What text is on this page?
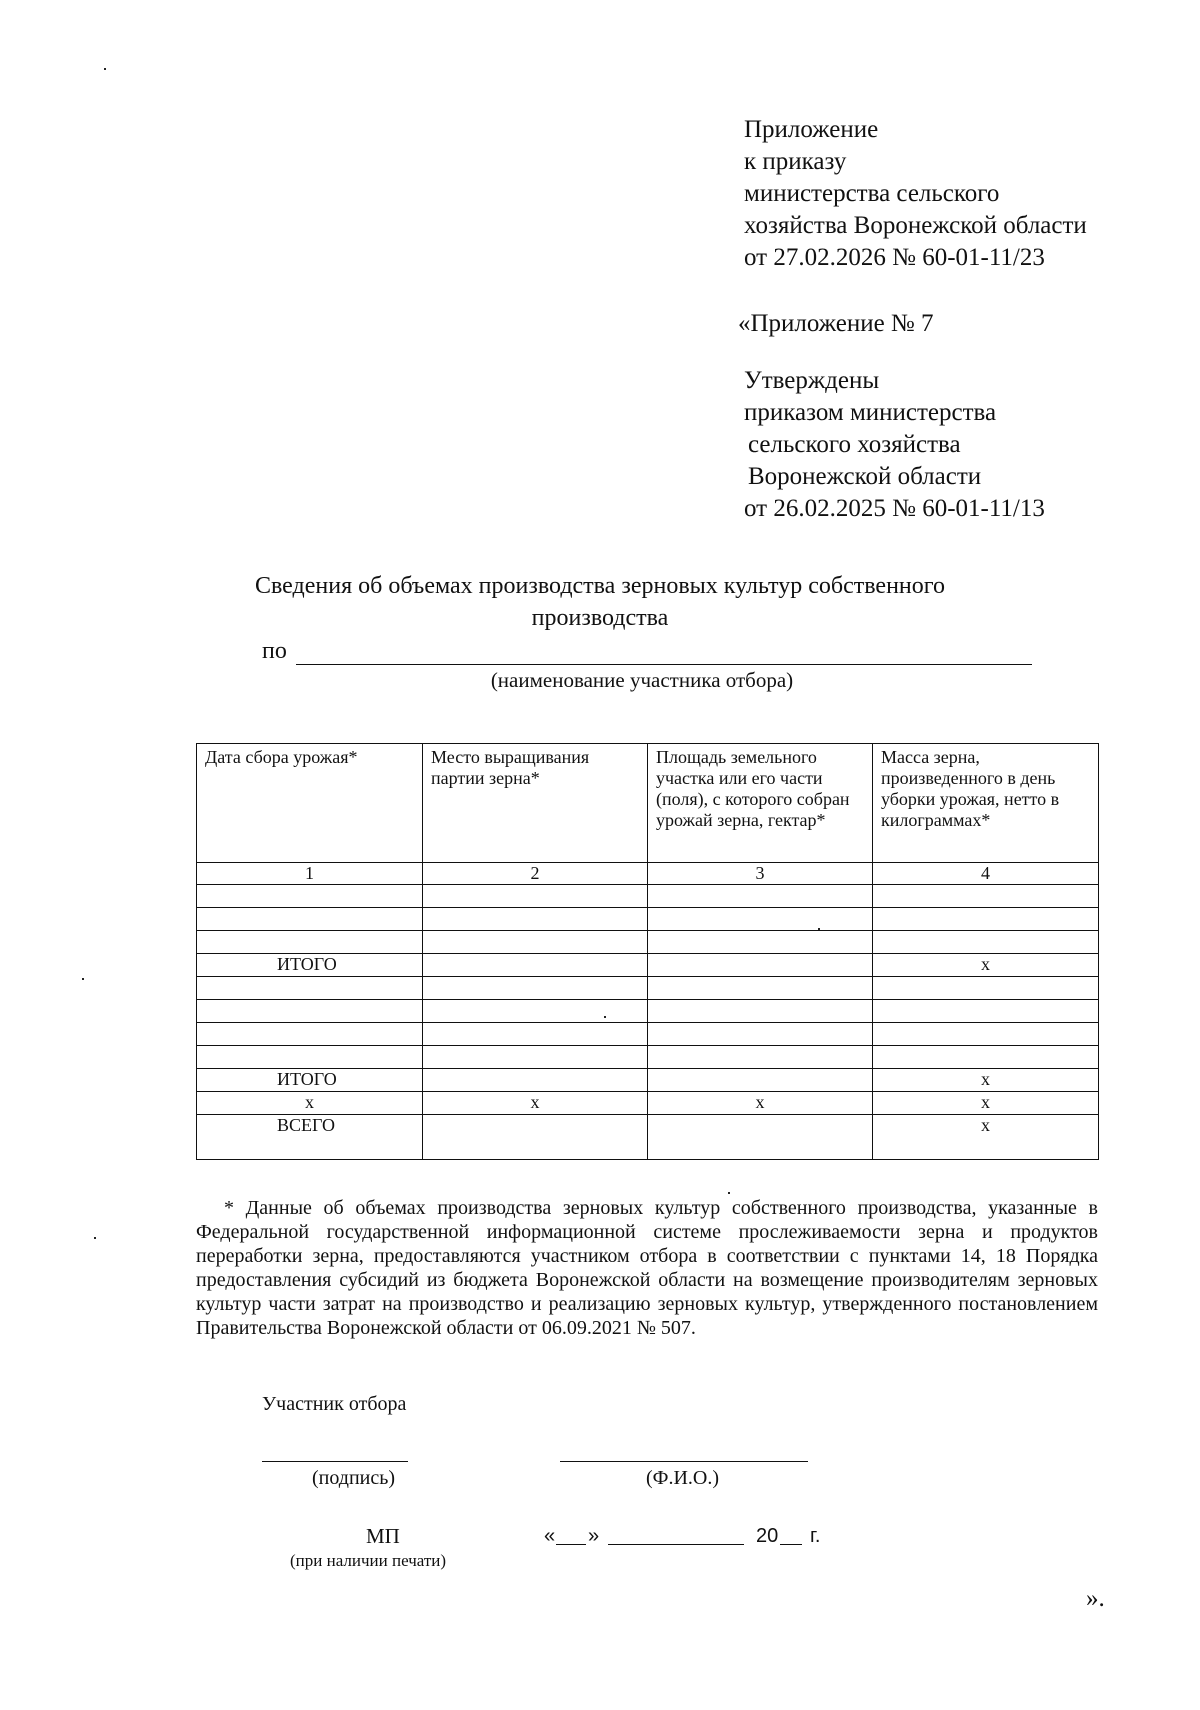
Приложение
к приказу
министерства сельского
хозяйства Воронежской области
от 27.02.2026 № 60-01-11/23
«Приложение № 7
Утверждены
приказом министерства
сельского хозяйства
Воронежской области
от 26.02.2025 № 60-01-11/13
Сведения об объемах производства зерновых культур собственного
производства
по
(наименование участника отбора)
Дата сбора урожая*	Место выращивания партии зерна*	Площадь земельного участка или его части (поля), с которого собран урожай зерна, гектар*	Масса зерна, произведенного в день уборки урожая, нетто в килограммах*
1	2	3	4

ИТОГО			x

ИТОГО			x
x	x	x	x
ВСЕГО			x
* Данные об объемах производства зерновых культур собственного производства, указанные в Федеральной государственной информационной системе прослеживаемости зерна и продуктов переработки зерна, предоставляются участником отбора в соответствии с пунктами 14, 18 Порядка предоставления субсидий из бюджета Воронежской области на возмещение производителям зерновых культур части затрат на производство и реализацию зерновых культур, утвержденного постановлением Правительства Воронежской области от 06.09.2021 № 507.
Участник отбора
(подпись)	(Ф.И.О.)
МП
(при наличии печати)
« »	20 г.
».
